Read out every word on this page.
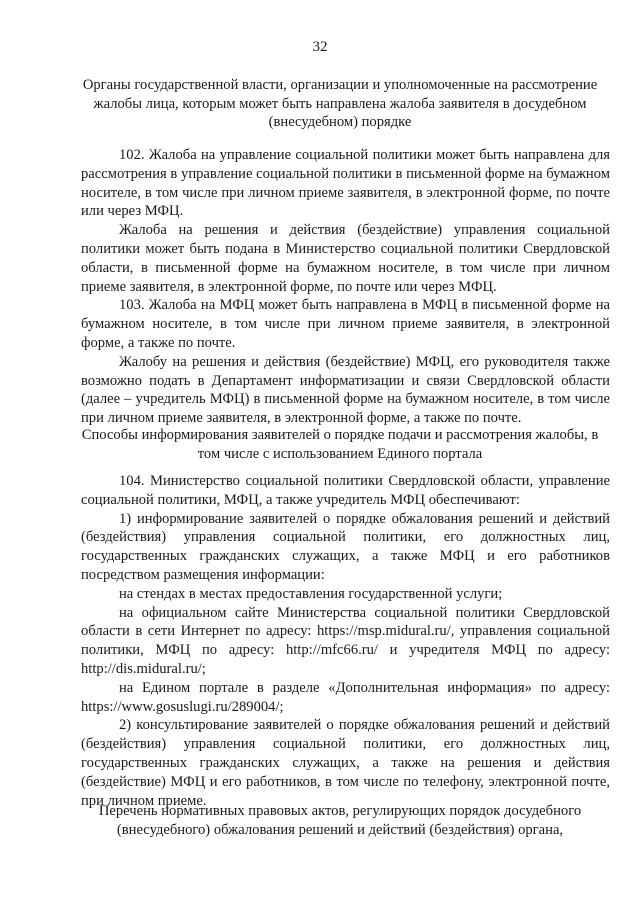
32
Органы государственной власти, организации и уполномоченные на рассмотрение жалобы лица, которым может быть направлена жалоба заявителя в досудебном (внесудебном) порядке

102. Жалоба на управление социальной политики может быть направлена для рассмотрения в управление социальной политики в письменной форме на бумажном носителе, в том числе при личном приеме заявителя, в электронной форме, по почте или через МФЦ.

Жалоба на решения и действия (бездействие) управления социальной политики может быть подана в Министерство социальной политики Свердловской области, в письменной форме на бумажном носителе, в том числе при личном приеме заявителя, в электронной форме, по почте или через МФЦ.

103. Жалоба на МФЦ может быть направлена в МФЦ в письменной форме на бумажном носителе, в том числе при личном приеме заявителя, в электронной форме, а также по почте.

Жалобу на решения и действия (бездействие) МФЦ, его руководителя также возможно подать в Департамент информатизации и связи Свердловской области (далее – учредитель МФЦ) в письменной форме на бумажном носителе, в том числе при личном приеме заявителя, в электронной форме, а также по почте.

Способы информирования заявителей о порядке подачи и рассмотрения жалобы, в том числе с использованием Единого портала

104. Министерство социальной политики Свердловской области, управление социальной политики, МФЦ, а также учредитель МФЦ обеспечивают:

1) информирование заявителей о порядке обжалования решений и действий (бездействия) управления социальной политики, его должностных лиц, государственных гражданских служащих, а также МФЦ и его работников посредством размещения информации:

на стендах в местах предоставления государственной услуги;

на официальном сайте Министерства социальной политики Свердловской области в сети Интернет по адресу: https://msp.midural.ru/, управления социальной политики, МФЦ по адресу: http://mfc66.ru/ и учредителя МФЦ по адресу: http://dis.midural.ru/;

на Едином портале в разделе «Дополнительная информация» по адресу: https://www.gosuslugi.ru/289004/;

2) консультирование заявителей о порядке обжалования решений и действий (бездействия) управления социальной политики, его должностных лиц, государственных гражданских служащих, а также на решения и действия (бездействие) МФЦ и его работников, в том числе по телефону, электронной почте, при личном приеме.

Перечень нормативных правовых актов, регулирующих порядок досудебного (внесудебного) обжалования решений и действий (бездействия) органа,
